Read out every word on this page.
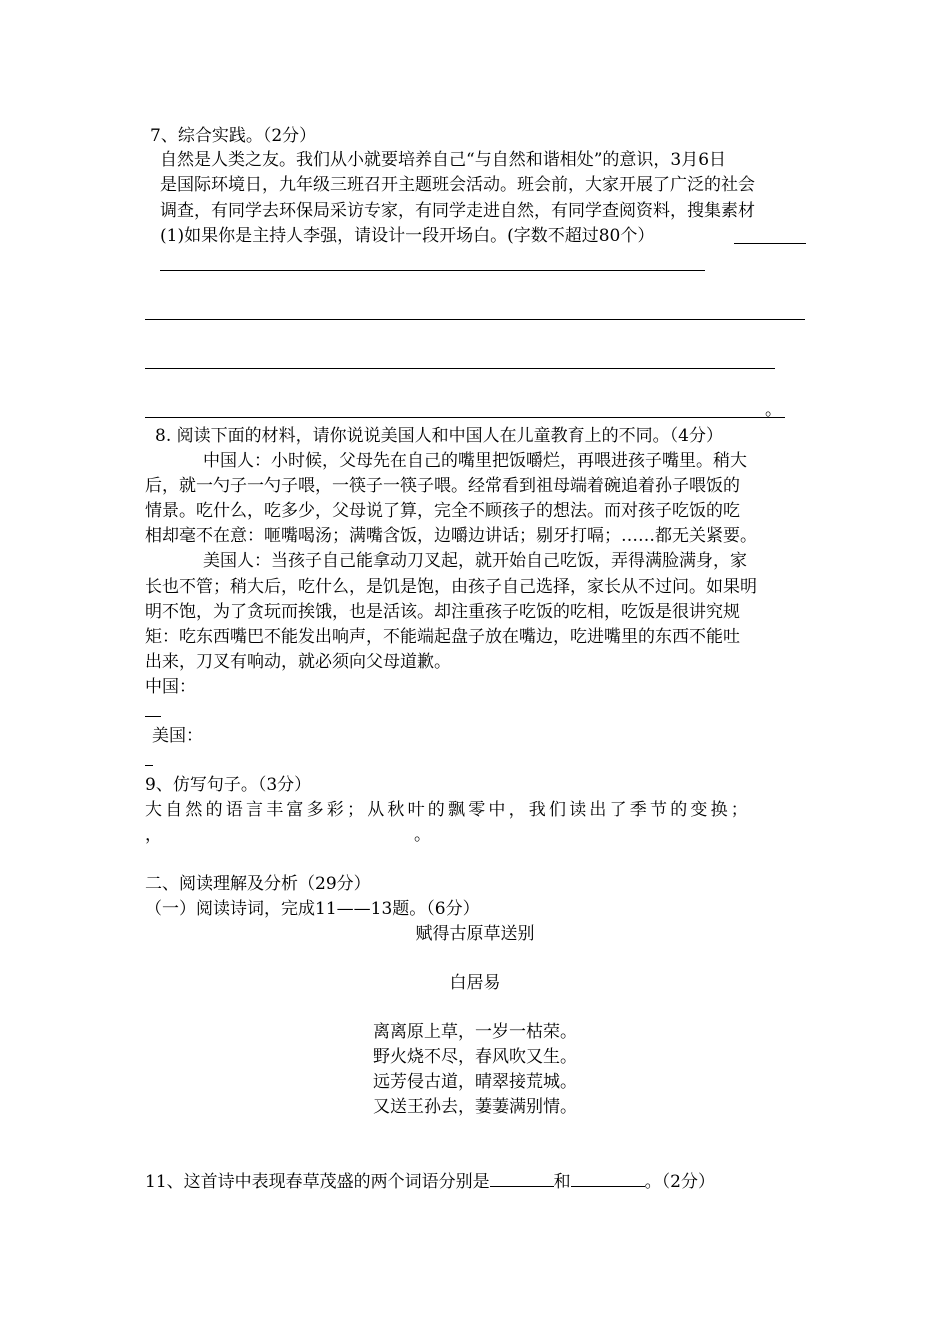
7、综合实践。（2分）
自然是人类之友。我们从小就要培养自己“与自然和谐相处”的意识，3月6日
是国际环境日，九年级三班召开主题班会活动。班会前，大家开展了广泛的社会
调查，有同学去环保局采访专家，有同学走进自然，有同学查阅资料，搜集素材
(1)如果你是主持人李强，请设计一段开场白。(字数不超过80个）
。
8. 阅读下面的材料，请你说说美国人和中国人在儿童教育上的不同。（4分）
中国人：小时候，父母先在自己的嘴里把饭嚼烂，再喂进孩子嘴里。稍大
后，就一勺子一勺子喂，一筷子一筷子喂。经常看到祖母端着碗追着孙子喂饭的
情景。吃什么，吃多少，父母说了算，完全不顾孩子的想法。而对孩子吃饭的吃
相却毫不在意：咂嘴喝汤；满嘴含饭，边嚼边讲话；剔牙打嗝；……都无关紧要。
美国人：当孩子自己能拿动刀叉起，就开始自己吃饭，弄得满脸满身，家
长也不管；稍大后，吃什么，是饥是饱，由孩子自己选择，家长从不过问。如果明
明不饱，为了贪玩而挨饿，也是活该。却注重孩子吃饭的吃相，吃饭是很讲究规
矩：吃东西嘴巴不能发出响声，不能端起盘子放在嘴边，吃进嘴里的东西不能吐
出来，刀叉有响动，就必须向父母道歉。
中国：
美国：
9、仿写句子。（3分）
大自然的语言丰富多彩；从秋叶的飘零中，我们读出了季节的变换；
，	。
二、阅读理解及分析（29分）
（一）阅读诗词，完成11——13题。（6分）
赋得古原草送别
白居易
离离原上草，一岁一枯荣。
野火烧不尽，春风吹又生。
远芳侵古道，晴翠接荒城。
又送王孙去，萋萋满别情。
11、这首诗中表现春草茂盛的两个词语分别是	和	。（2分）
